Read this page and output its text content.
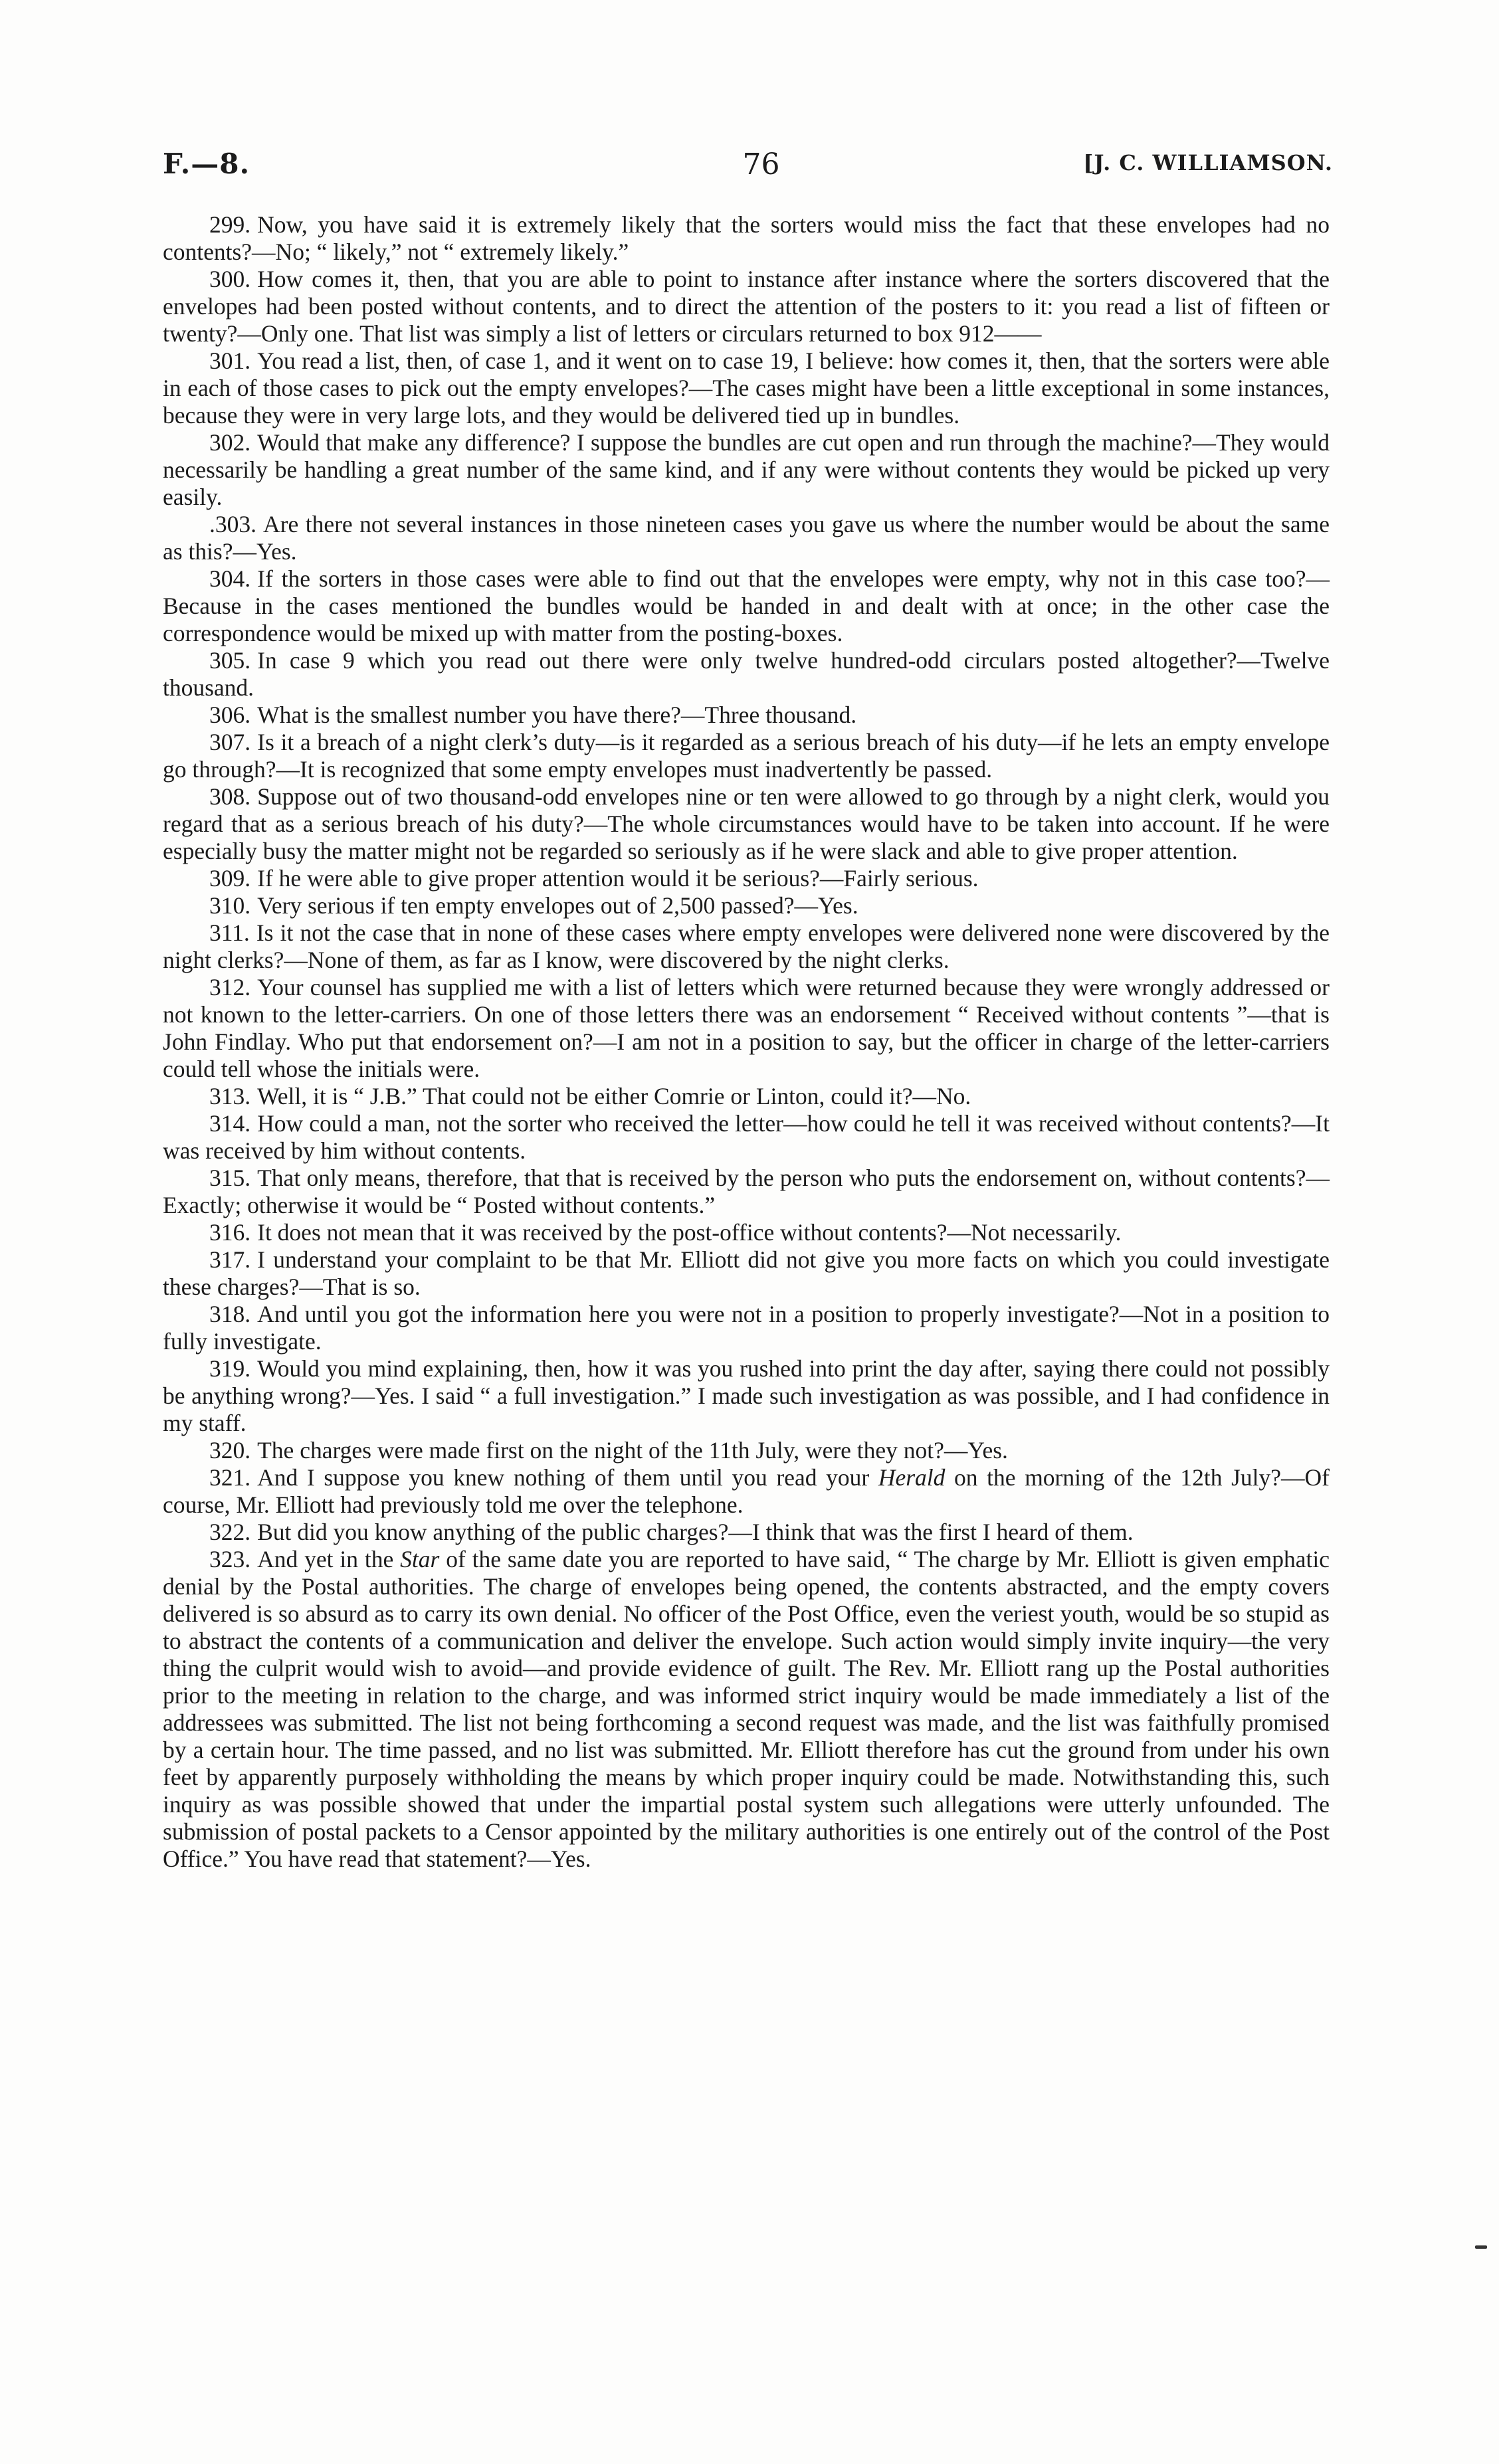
F.—8.	76	[J. C. WILLIAMSON.

299. Now, you have said it is extremely likely that the sorters would miss the fact that these envelopes had no contents?—No; “ likely,” not “ extremely likely.”

300. How comes it, then, that you are able to point to instance after instance where the sorters discovered that the envelopes had been posted without contents, and to direct the attention of the posters to it: you read a list of fifteen or twenty?—Only one. That list was simply a list of letters or circulars returned to box 912——

301. You read a list, then, of case 1, and it went on to case 19, I believe: how comes it, then, that the sorters were able in each of those cases to pick out the empty envelopes?—The cases might have been a little exceptional in some instances, because they were in very large lots, and they would be delivered tied up in bundles.

302. Would that make any difference? I suppose the bundles are cut open and run through the machine?—They would necessarily be handling a great number of the same kind, and if any were without contents they would be picked up very easily.

.303. Are there not several instances in those nineteen cases you gave us where the number would be about the same as this?—Yes.

304. If the sorters in those cases were able to find out that the envelopes were empty, why not in this case too?—Because in the cases mentioned the bundles would be handed in and dealt with at once; in the other case the correspondence would be mixed up with matter from the posting-boxes.

305. In case 9 which you read out there were only twelve hundred-odd circulars posted altogether?—Twelve thousand.

306. What is the smallest number you have there?—Three thousand.

307. Is it a breach of a night clerk’s duty—is it regarded as a serious breach of his duty—if he lets an empty envelope go through?—It is recognized that some empty envelopes must inadvertently be passed.

308. Suppose out of two thousand-odd envelopes nine or ten were allowed to go through by a night clerk, would you regard that as a serious breach of his duty?—The whole circumstances would have to be taken into account. If he were especially busy the matter might not be regarded so seriously as if he were slack and able to give proper attention.

309. If he were able to give proper attention would it be serious?—Fairly serious.

310. Very serious if ten empty envelopes out of 2,500 passed?—Yes.

311. Is it not the case that in none of these cases where empty envelopes were delivered none were discovered by the night clerks?—None of them, as far as I know, were discovered by the night clerks.

312. Your counsel has supplied me with a list of letters which were returned because they were wrongly addressed or not known to the letter-carriers. On one of those letters there was an endorsement “ Received without contents ”—that is John Findlay. Who put that endorsement on?—I am not in a position to say, but the officer in charge of the letter-carriers could tell whose the initials were.

313. Well, it is “ J.B.” That could not be either Comrie or Linton, could it?—No.

314. How could a man, not the sorter who received the letter—how could he tell it was received without contents?—It was received by him without contents.

315. That only means, therefore, that that is received by the person who puts the endorsement on, without contents?—Exactly; otherwise it would be “ Posted without contents.”

316. It does not mean that it was received by the post-office without contents?—Not necessarily.

317. I understand your complaint to be that Mr. Elliott did not give you more facts on which you could investigate these charges?—That is so.

318. And until you got the information here you were not in a position to properly investigate?—Not in a position to fully investigate.

319. Would you mind explaining, then, how it was you rushed into print the day after, saying there could not possibly be anything wrong?—Yes. I said “ a full investigation.” I made such investigation as was possible, and I had confidence in my staff.

320. The charges were made first on the night of the 11th July, were they not?—Yes.

321. And I suppose you knew nothing of them until you read your Herald on the morning of the 12th July?—Of course, Mr. Elliott had previously told me over the telephone.

322. But did you know anything of the public charges?—I think that was the first I heard of them.

323. And yet in the Star of the same date you are reported to have said, “ The charge by Mr. Elliott is given emphatic denial by the Postal authorities. The charge of envelopes being opened, the contents abstracted, and the empty covers delivered is so absurd as to carry its own denial. No officer of the Post Office, even the veriest youth, would be so stupid as to abstract the contents of a communication and deliver the envelope. Such action would simply invite inquiry—the very thing the culprit would wish to avoid—and provide evidence of guilt. The Rev. Mr. Elliott rang up the Postal authorities prior to the meeting in relation to the charge, and was informed strict inquiry would be made immediately a list of the addressees was submitted. The list not being forthcoming a second request was made, and the list was faithfully promised by a certain hour. The time passed, and no list was submitted. Mr. Elliott therefore has cut the ground from under his own feet by apparently purposely withholding the means by which proper inquiry could be made. Notwithstanding this, such inquiry as was possible showed that under the impartial postal system such allegations were utterly unfounded. The submission of postal packets to a Censor appointed by the military authorities is one entirely out of the control of the Post Office.” You have read that statement?—Yes.
